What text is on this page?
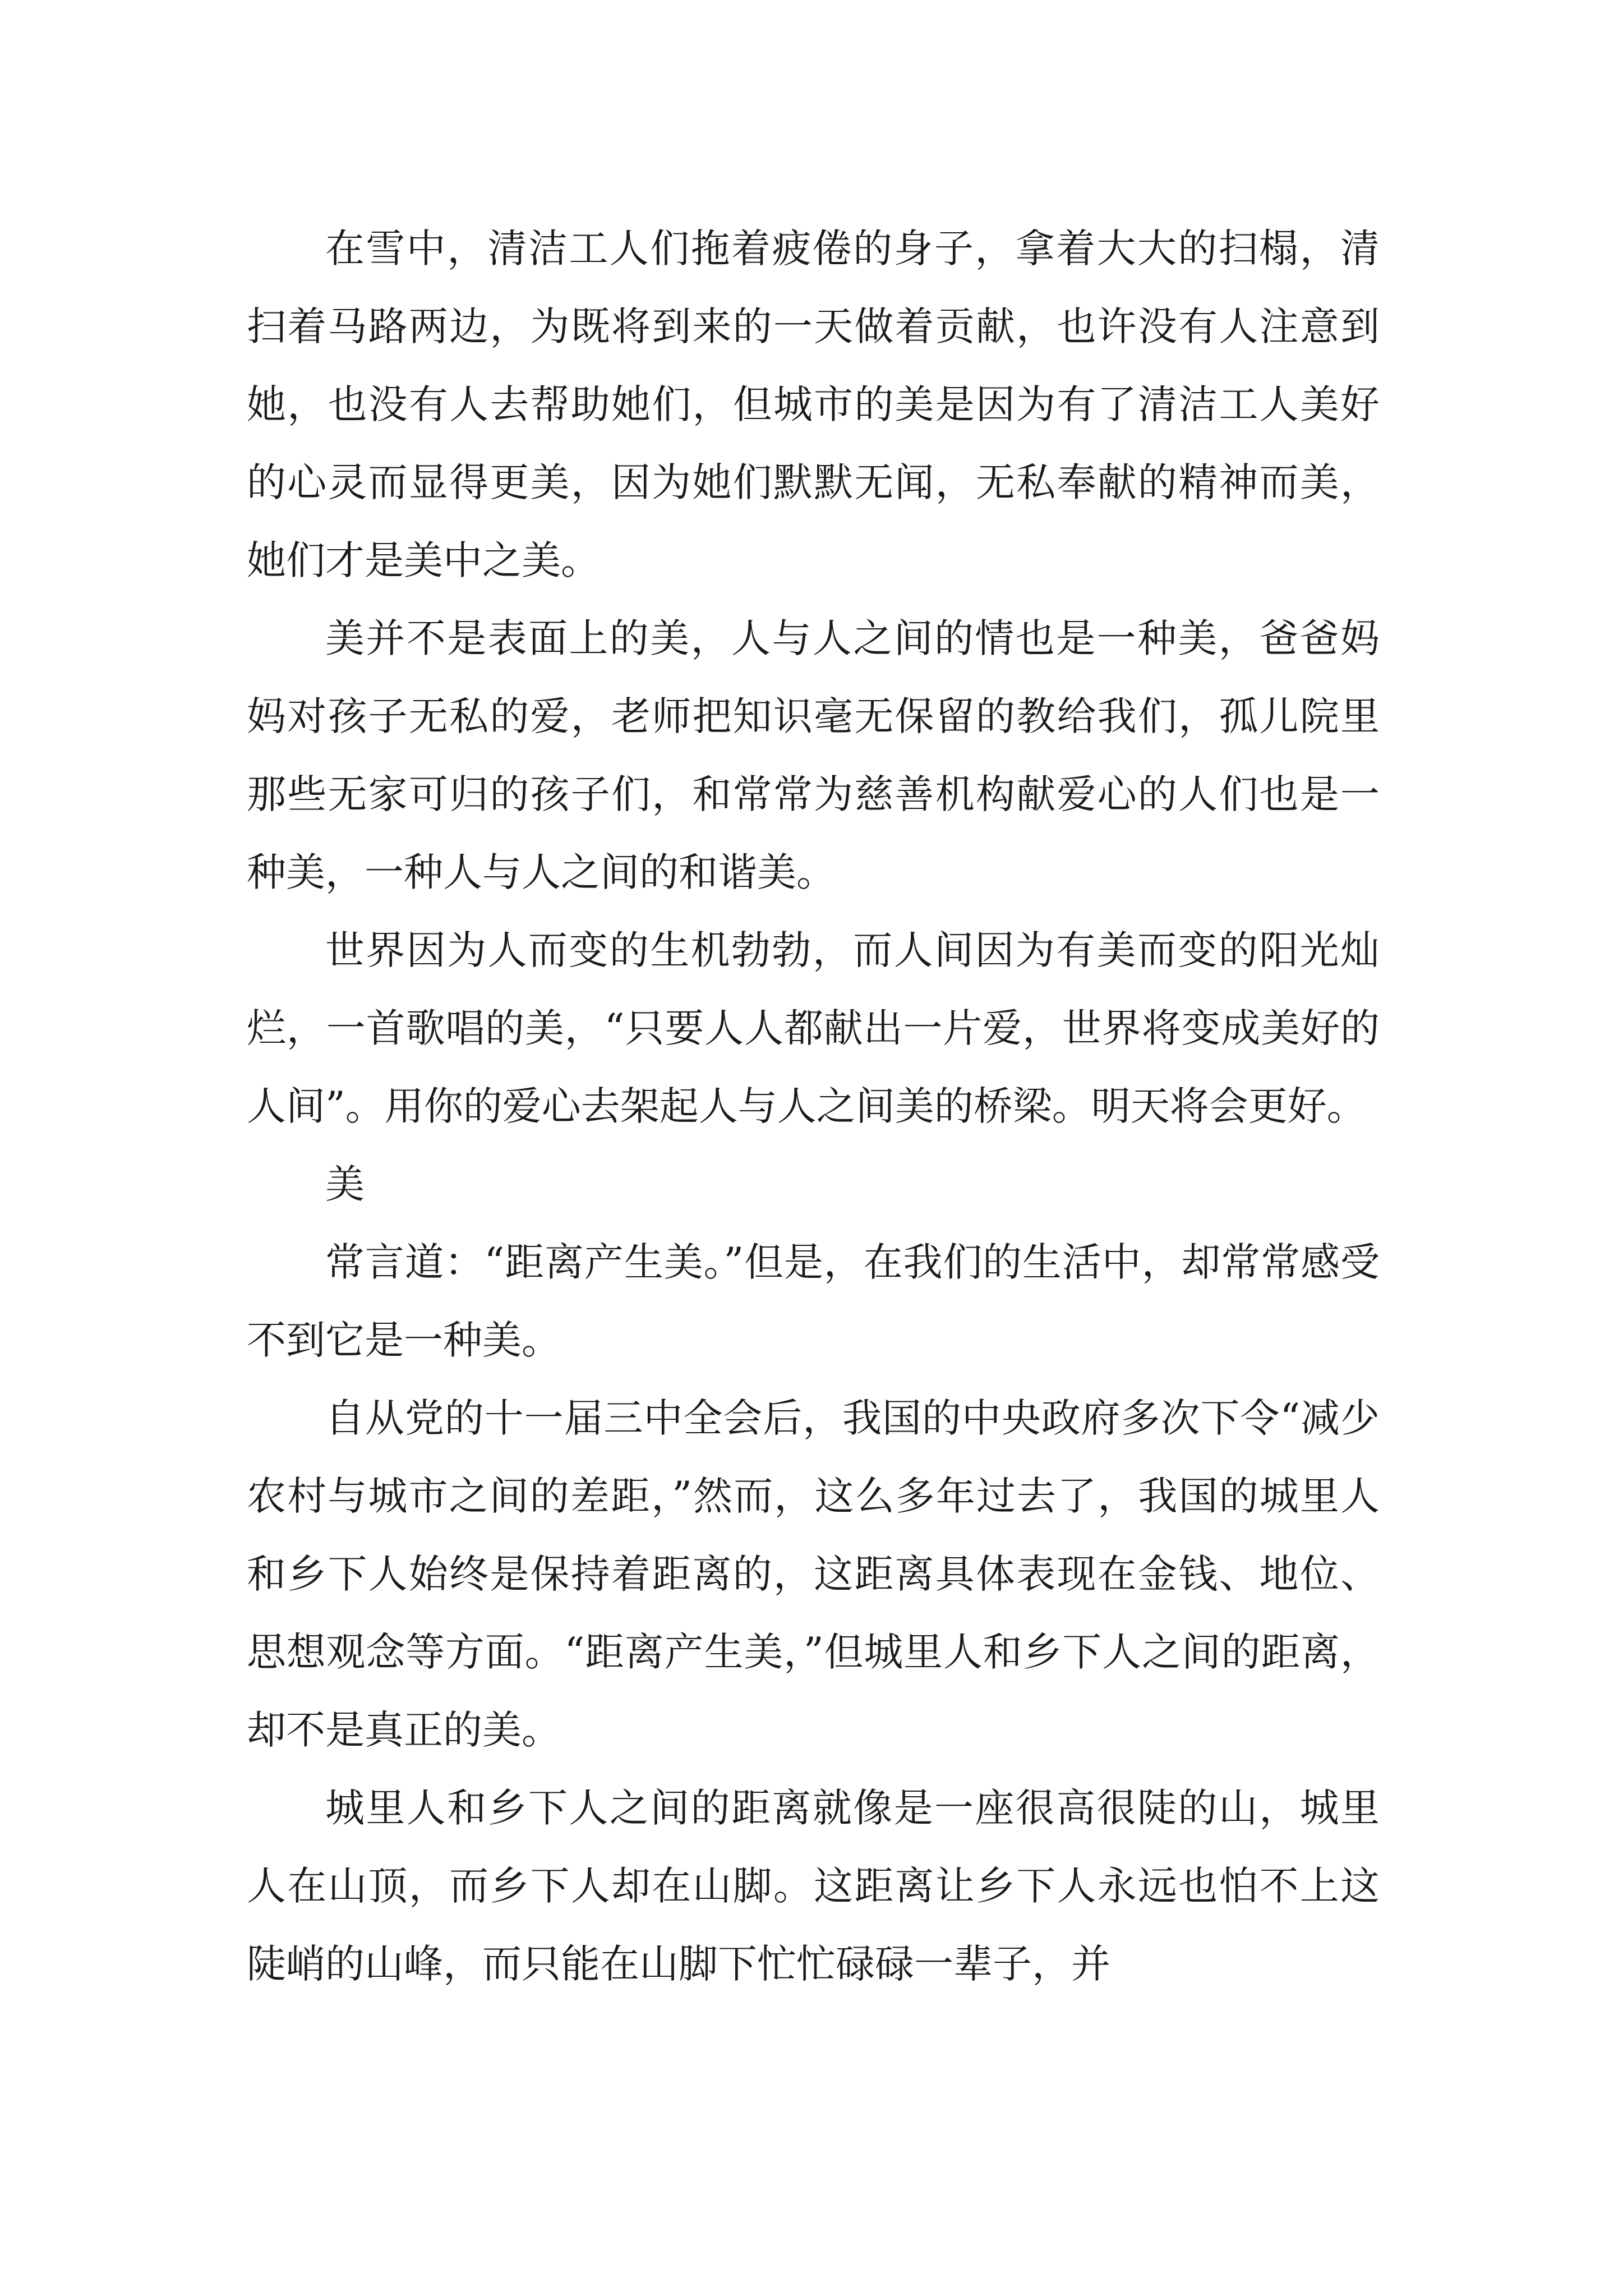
在雪中，清洁工人们拖着疲倦的身子，拿着大大的扫榻，清扫着马路两边，为既将到来的一天做着贡献，也许没有人注意到她，也没有人去帮助她们，但城市的美是因为有了清洁工人美好的心灵而显得更美，因为她们默默无闻，无私奉献的精神而美，她们才是美中之美。

美并不是表面上的美，人与人之间的情也是一种美，爸爸妈妈对孩子无私的爱，老师把知识毫无保留的教给我们，孤儿院里那些无家可归的孩子们，和常常为慈善机构献爱心的人们也是一种美，一种人与人之间的和谐美。

世界因为人而变的生机勃勃，而人间因为有美而变的阳光灿烂，一首歌唱的美，“只要人人都献出一片爱，世界将变成美好的人间”。用你的爱心去架起人与人之间美的桥梁。明天将会更好。

美

常言道：“距离产生美。”但是，在我们的生活中，却常常感受不到它是一种美。

自从党的十一届三中全会后，我国的中央政府多次下令“减少农村与城市之间的差距，”然而，这么多年过去了，我国的城里人和乡下人始终是保持着距离的，这距离具体表现在金钱、地位、思想观念等方面。“距离产生美，”但城里人和乡下人之间的距离，却不是真正的美。

城里人和乡下人之间的距离就像是一座很高很陡的山，城里人在山顶，而乡下人却在山脚。这距离让乡下人永远也怕不上这陡峭的山峰，而只能在山脚下忙忙碌碌一辈子，并
